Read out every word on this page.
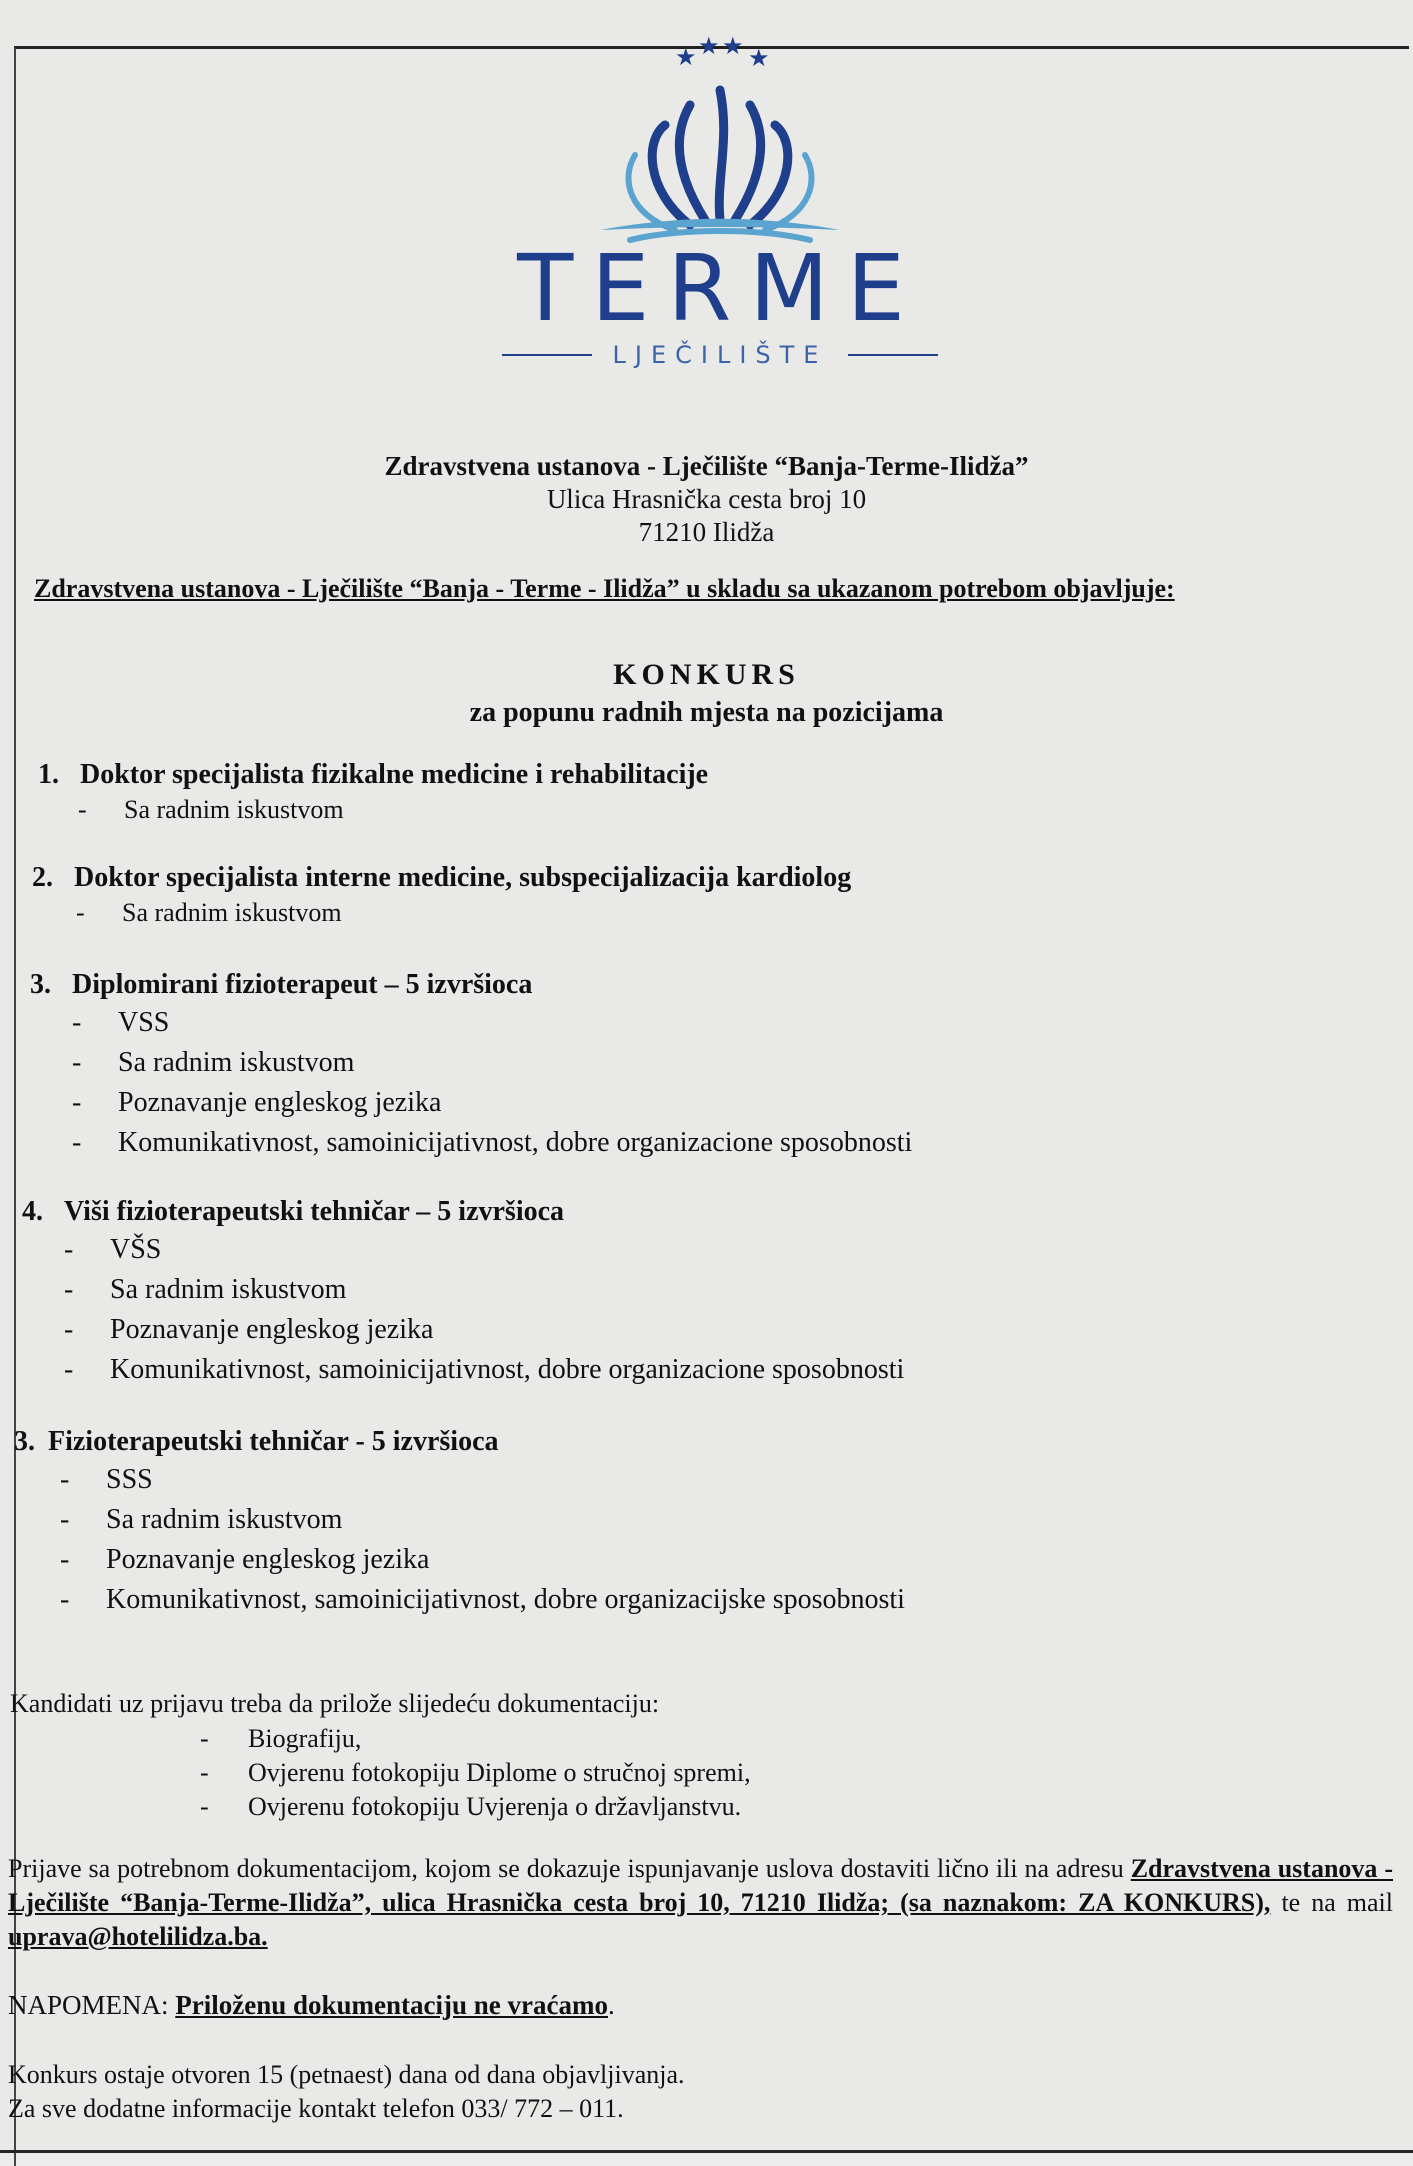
★ ★ ★ ★
TERME
LJEČILIŠTE
Zdravstvena ustanova - Lječilište “Banja-Terme-Ilidža”
Ulica Hrasnička cesta broj 10
71210 Ilidža
Zdravstvena ustanova - Lječilište “Banja - Terme - Ilidža” u skladu sa ukazanom potrebom objavljuje:
KONKURS
za popunu radnih mjesta na pozicijama
1. Doktor specijalista fizikalne medicine i rehabilitacije
- Sa radnim iskustvom
2. Doktor specijalista interne medicine, subspecijalizacija kardiolog
- Sa radnim iskustvom
3. Diplomirani fizioterapeut – 5 izvršioca
- VSS
- Sa radnim iskustvom
- Poznavanje engleskog jezika
- Komunikativnost, samoinicijativnost, dobre organizacione sposobnosti
4. Viši fizioterapeutski tehničar – 5 izvršioca
- VŠS
- Sa radnim iskustvom
- Poznavanje engleskog jezika
- Komunikativnost, samoinicijativnost, dobre organizacione sposobnosti
3. Fizioterapeutski tehničar - 5 izvršioca
- SSS
- Sa radnim iskustvom
- Poznavanje engleskog jezika
- Komunikativnost, samoinicijativnost, dobre organizacijske sposobnosti
Kandidati uz prijavu treba da prilože slijedeću dokumentaciju:
- Biografiju,
- Ovjerenu fotokopiju Diplome o stručnoj spremi,
- Ovjerenu fotokopiju Uvjerenja o državljanstvu.
Prijave sa potrebnom dokumentacijom, kojom se dokazuje ispunjavanje uslova dostaviti lično ili na adresu Zdravstvena ustanova - Lječilište “Banja-Terme-Ilidža”, ulica Hrasnička cesta broj 10, 71210 Ilidža; (sa naznakom: ZA KONKURS), te na mail uprava@hotelilidza.ba.
NAPOMENA: Priloženu dokumentaciju ne vraćamo.
Konkurs ostaje otvoren 15 (petnaest) dana od dana objavljivanja.
Za sve dodatne informacije kontakt telefon 033/ 772 – 011.
